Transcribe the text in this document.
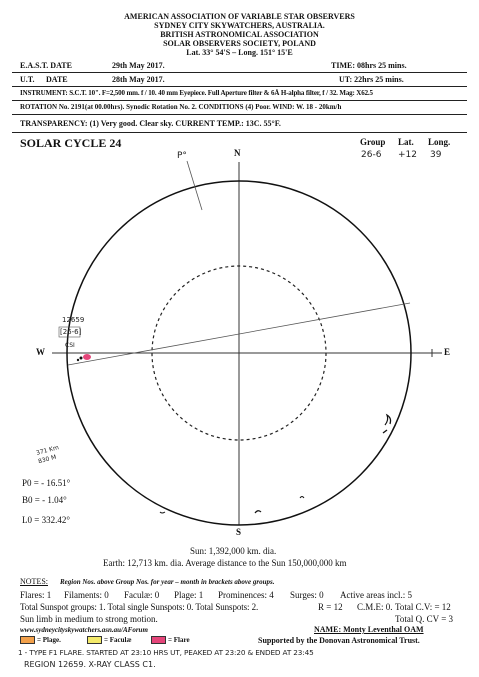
AMERICAN ASSOCIATION OF VARIABLE STAR OBSERVERS
SYDNEY CITY SKYWATCHERS, AUSTRALIA.
BRITISH ASTRONOMICAL ASSOCIATION
SOLAR OBSERVERS SOCIETY, POLAND
Lat. 33° 54'S – Long. 151° 15'E
E.A.S.T. DATE	29th May 2017.	TIME: 08hrs 25 mins.
U.T. DATE	28th May 2017.	UT: 22hrs 25 mins.
INSTRUMENT: S.C.T. 10". F=2,500 mm. f / 10. 40 mm Eyepiece. Full Aperture filter & 6Å H-alpha filter, f / 32. Mag: X62.5
ROTATION No. 2191(at 00.00hrs). Synodic Rotation No. 2. CONDITIONS (4) Poor. WIND: W. 18 - 20km/h
TRANSPARENCY: (1) Very good. Clear sky. CURRENT TEMP.: 13C. 55°F.
SOLAR CYCLE 24	Group Lat. Long.
26-6 +12 39
N
S
W	E
P°
12659
[26-6]
CSI
371 Km
830 M
P0 = - 16.51°
B0 = - 1.04°
L0 = 332.42°
Sun: 1,392,000 km. dia.
Earth: 12,713 km. dia. Average distance to the Sun 150,000,000 km
NOTES: Region Nos. above Group Nos. for year – month in brackets above groups.
Flares: 1 Filaments: 0 Faculæ: 0 Plage: 1 Prominences: 4 Surges: 0 Active areas incl.: 5
Total Sunspot groups: 1. Total single Sunspots: 0. Total Sunspots: 2.	R = 12 C.M.E: 0. Total C.V: = 12
Sun limb in medium to strong motion.	Total Q. CV = 3
www.sydneycityskywatchers.asn.au/AForum	NAME: Monty Leventhal OAM
= Plage.	= Faculæ	= Flare	Supported by the Donovan Astronomical Trust.
1 - TYPE F1 FLARE. STARTED AT 23:10 HRS UT, PEAKED AT 23:20 & ENDED AT 23:45
REGION 12659. X-RAY CLASS C1.
